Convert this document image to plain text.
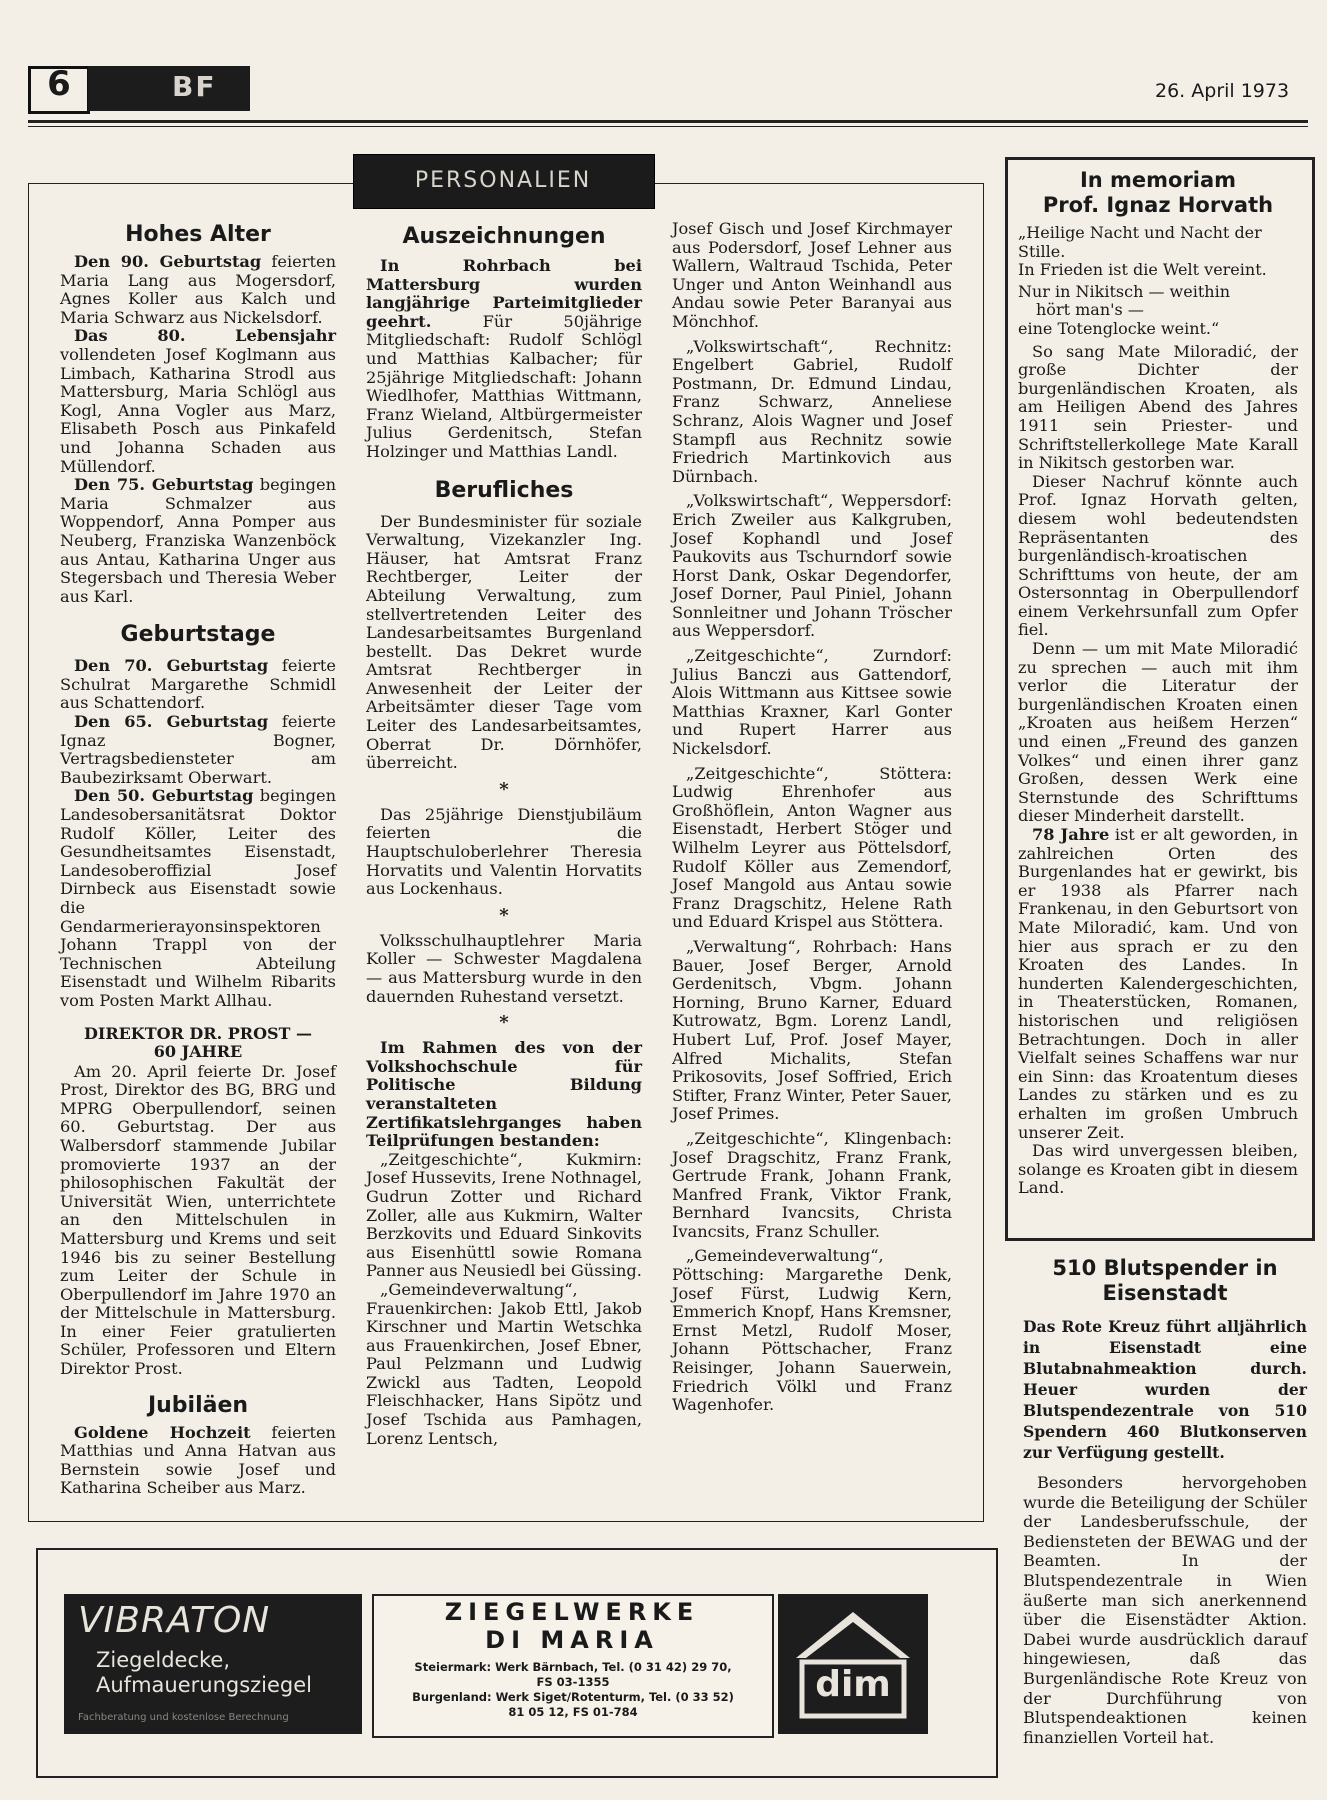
6	BF	26. April 1973
PERSONALIEN
Hohes Alter

Den 90. Geburtstag feierten Maria Lang aus Mogersdorf, Agnes Koller aus Kalch und Maria Schwarz aus Nickelsdorf.

Das 80. Lebensjahr vollendeten Josef Koglmann aus Limbach, Katharina Strodl aus Mattersburg, Maria Schlögl aus Kogl, Anna Vogler aus Marz, Elisabeth Posch aus Pinkafeld und Johanna Schaden aus Müllendorf.

Den 75. Geburtstag begingen Maria Schmalzer aus Woppendorf, Anna Pomper aus Neuberg, Franziska Wanzenböck aus Antau, Katharina Unger aus Stegersbach und Theresia Weber aus Karl.

Geburtstage

Den 70. Geburtstag feierte Schulrat Margarethe Schmidl aus Schattendorf.

Den 65. Geburtstag feierte Ignaz Bogner, Vertragsbediensteter am Baubezirksamt Oberwart.

Den 50. Geburtstag begingen Landesobersanitätsrat Doktor Rudolf Köller, Leiter des Gesundheitsamtes Eisenstadt, Landesoberoffizial Josef Dirnbeck aus Eisenstadt sowie die Gendarmerierayonsinspektoren Johann Trappl von der Technischen Abteilung Eisenstadt und Wilhelm Ribarits vom Posten Markt Allhau.

DIREKTOR DR. PROST —
60 JAHRE

Am 20. April feierte Dr. Josef Prost, Direktor des BG, BRG und MPRG Oberpullendorf, seinen 60. Geburtstag. Der aus Walbersdorf stammende Jubilar promovierte 1937 an der philosophischen Fakultät der Universität Wien, unterrichtete an den Mittelschulen in Mattersburg und Krems und seit 1946 bis zu seiner Bestellung zum Leiter der Schule in Oberpullendorf im Jahre 1970 an der Mittelschule in Mattersburg. In einer Feier gratulierten Schüler, Professoren und Eltern Direktor Prost.

Jubiläen

Goldene Hochzeit feierten Matthias und Anna Hatvan aus Bernstein sowie Josef und Katharina Scheiber aus Marz.

Auszeichnungen

In Rohrbach bei Mattersburg wurden langjährige Parteimitglieder geehrt. Für 50jährige Mitgliedschaft: Rudolf Schlögl und Matthias Kalbacher; für 25jährige Mitgliedschaft: Johann Wiedlhofer, Matthias Wittmann, Franz Wieland, Altbürgermeister Julius Gerdenitsch, Stefan Holzinger und Matthias Landl.

Berufliches

Der Bundesminister für soziale Verwaltung, Vizekanzler Ing. Häuser, hat Amtsrat Franz Rechtberger, Leiter der Abteilung Verwaltung, zum stellvertretenden Leiter des Landesarbeitsamtes Burgenland bestellt. Das Dekret wurde Amtsrat Rechtberger in Anwesenheit der Leiter der Arbeitsämter dieser Tage vom Leiter des Landesarbeitsamtes, Oberrat Dr. Dörnhöfer, überreicht.

*

Das 25jährige Dienstjubiläum feierten die Hauptschuloberlehrer Theresia Horvatits und Valentin Horvatits aus Lockenhaus.

*

Volksschulhauptlehrer Maria Koller — Schwester Magdalena — aus Mattersburg wurde in den dauernden Ruhestand versetzt.

*

Im Rahmen des von der Volkshochschule für Politische Bildung veranstalteten Zertifikatslehrganges haben Teilprüfungen bestanden:

„Zeitgeschichte“, Kukmirn: Josef Hussevits, Irene Nothnagel, Gudrun Zotter und Richard Zoller, alle aus Kukmirn, Walter Berzkovits und Eduard Sinkovits aus Eisenhüttl sowie Romana Panner aus Neusiedl bei Güssing.

„Gemeindeverwaltung“, Frauenkirchen: Jakob Ettl, Jakob Kirschner und Martin Wetschka aus Frauenkirchen, Josef Ebner, Paul Pelzmann und Ludwig Zwickl aus Tadten, Leopold Fleischhacker, Hans Sipötz und Josef Tschida aus Pamhagen, Lorenz Lentsch,

Josef Gisch und Josef Kirchmayer aus Podersdorf, Josef Lehner aus Wallern, Waltraud Tschida, Peter Unger und Anton Weinhandl aus Andau sowie Peter Baranyai aus Mönchhof.

„Volkswirtschaft“, Rechnitz: Engelbert Gabriel, Rudolf Postmann, Dr. Edmund Lindau, Franz Schwarz, Anneliese Schranz, Alois Wagner und Josef Stampfl aus Rechnitz sowie Friedrich Martinkovich aus Dürnbach.

„Volkswirtschaft“, Weppersdorf: Erich Zweiler aus Kalkgruben, Josef Kophandl und Josef Paukovits aus Tschurndorf sowie Horst Dank, Oskar Degendorfer, Josef Dorner, Paul Piniel, Johann Sonnleitner und Johann Tröscher aus Weppersdorf.

„Zeitgeschichte“, Zurndorf: Julius Banczi aus Gattendorf, Alois Wittmann aus Kittsee sowie Matthias Kraxner, Karl Gonter und Rupert Harrer aus Nickelsdorf.

„Zeitgeschichte“, Stöttera: Ludwig Ehrenhofer aus Großhöflein, Anton Wagner aus Eisenstadt, Herbert Stöger und Wilhelm Leyrer aus Pöttelsdorf, Rudolf Köller aus Zemendorf, Josef Mangold aus Antau sowie Franz Dragschitz, Helene Rath und Eduard Krispel aus Stöttera.

„Verwaltung“, Rohrbach: Hans Bauer, Josef Berger, Arnold Gerdenitsch, Vbgm. Johann Horning, Bruno Karner, Eduard Kutrowatz, Bgm. Lorenz Landl, Hubert Luf, Prof. Josef Mayer, Alfred Michalits, Stefan Prikosovits, Josef Soffried, Erich Stifter, Franz Winter, Peter Sauer, Josef Primes.

„Zeitgeschichte“, Klingenbach: Josef Dragschitz, Franz Frank, Gertrude Frank, Johann Frank, Manfred Frank, Viktor Frank, Bernhard Ivancsits, Christa Ivancsits, Franz Schuller.

„Gemeindeverwaltung“, Pöttsching: Margarethe Denk, Josef Fürst, Ludwig Kern, Emmerich Knopf, Hans Kremsner, Ernst Metzl, Rudolf Moser, Johann Pöttschacher, Franz Reisinger, Johann Sauerwein, Friedrich Völkl und Franz Wagenhofer.

In memoriam
Prof. Ignaz Horvath
„Heilige Nacht und Nacht der Stille.
In Frieden ist die Welt vereint.
Nur in Nikitsch — weithin
hört man's —
eine Totenglocke weint.“

So sang Mate Miloradić, der große Dichter der burgenländischen Kroaten, als am Heiligen Abend des Jahres 1911 sein Priester- und Schriftstellerkollege Mate Karall in Nikitsch gestorben war.

Dieser Nachruf könnte auch Prof. Ignaz Horvath gelten, diesem wohl bedeutendsten Repräsentanten des burgenländisch-kroatischen Schrifttums von heute, der am Ostersonntag in Oberpullendorf einem Verkehrsunfall zum Opfer fiel.

Denn — um mit Mate Miloradić zu sprechen — auch mit ihm verlor die Literatur der burgenländischen Kroaten einen „Kroaten aus heißem Herzen“ und einen „Freund des ganzen Volkes“ und einen ihrer ganz Großen, dessen Werk eine Sternstunde des Schrifttums dieser Minderheit darstellt.

78 Jahre ist er alt geworden, in zahlreichen Orten des Burgenlandes hat er gewirkt, bis er 1938 als Pfarrer nach Frankenau, in den Geburtsort von Mate Miloradić, kam. Und von hier aus sprach er zu den Kroaten des Landes. In hunderten Kalendergeschichten, in Theaterstücken, Romanen, historischen und religiösen Betrachtungen. Doch in aller Vielfalt seines Schaffens war nur ein Sinn: das Kroatentum dieses Landes zu stärken und es zu erhalten im großen Umbruch unserer Zeit.

Das wird unvergessen bleiben, solange es Kroaten gibt in diesem Land.

510 Blutspender in
Eisenstadt

Das Rote Kreuz führt alljährlich in Eisenstadt eine Blutabnahmeaktion durch. Heuer wurden der Blutspendezentrale von 510 Spendern 460 Blutkonserven zur Verfügung gestellt.

Besonders hervorgehoben wurde die Beteiligung der Schüler der Landesberufsschule, der Bediensteten der BEWAG und der Beamten. In der Blutspendezentrale in Wien äußerte man sich anerkennend über die Eisenstädter Aktion. Dabei wurde ausdrücklich darauf hingewiesen, daß das Burgenländische Rote Kreuz von der Durchführung von Blutspendeaktionen keinen finanziellen Vorteil hat.

VIBRATON
Ziegeldecke,
Aufmauerungsziegel
Fachberatung und kostenlose Berechnung
ZIEGELWERKE
DI MARIA
Steiermark: Werk Bärnbach, Tel. (0 31 42) 29 70,
FS 03-1355
Burgenland: Werk Siget/Rotenturm, Tel. (0 33 52)
81 05 12, FS 01-784
dim
